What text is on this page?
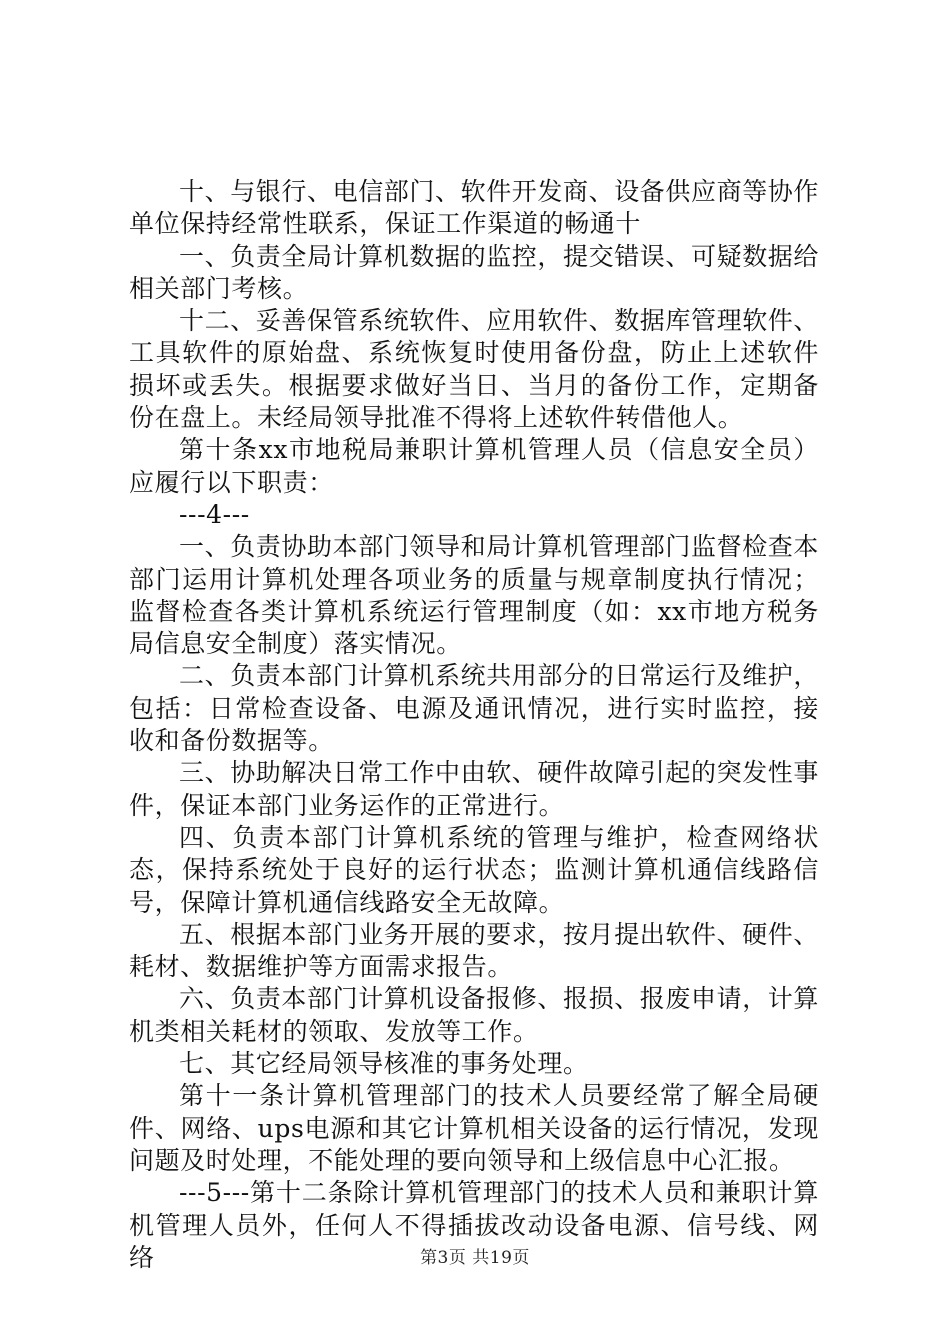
十、与银行、电信部门、软件开发商、设备供应商等协作单位保持经常性联系，保证工作渠道的畅通十

一、负责全局计算机数据的监控，提交错误、可疑数据给相关部门考核。

十二、妥善保管系统软件、应用软件、数据库管理软件、工具软件的原始盘、系统恢复时使用备份盘，防止上述软件损坏或丢失。根据要求做好当日、当月的备份工作，定期备份在盘上。未经局领导批准不得将上述软件转借他人。

第十条xx市地税局兼职计算机管理人员（信息安全员）应履行以下职责：

---4---

一、负责协助本部门领导和局计算机管理部门监督检查本部门运用计算机处理各项业务的质量与规章制度执行情况；监督检查各类计算机系统运行管理制度（如：xx市地方税务局信息安全制度）落实情况。

二、负责本部门计算机系统共用部分的日常运行及维护，包括：日常检查设备、电源及通讯情况，进行实时监控，接收和备份数据等。

三、协助解决日常工作中由软、硬件故障引起的突发性事件，保证本部门业务运作的正常进行。

四、负责本部门计算机系统的管理与维护，检查网络状态，保持系统处于良好的运行状态；监测计算机通信线路信号，保障计算机通信线路安全无故障。

五、根据本部门业务开展的要求，按月提出软件、硬件、耗材、数据维护等方面需求报告。

六、负责本部门计算机设备报修、报损、报废申请，计算机类相关耗材的领取、发放等工作。

七、其它经局领导核准的事务处理。

第十一条计算机管理部门的技术人员要经常了解全局硬件、网络、ups电源和其它计算机相关设备的运行情况，发现问题及时处理，不能处理的要向领导和上级信息中心汇报。

---5---第十二条除计算机管理部门的技术人员和兼职计算机管理人员外，任何人不得插拔改动设备电源、信号线、网络	第3页 共19页
